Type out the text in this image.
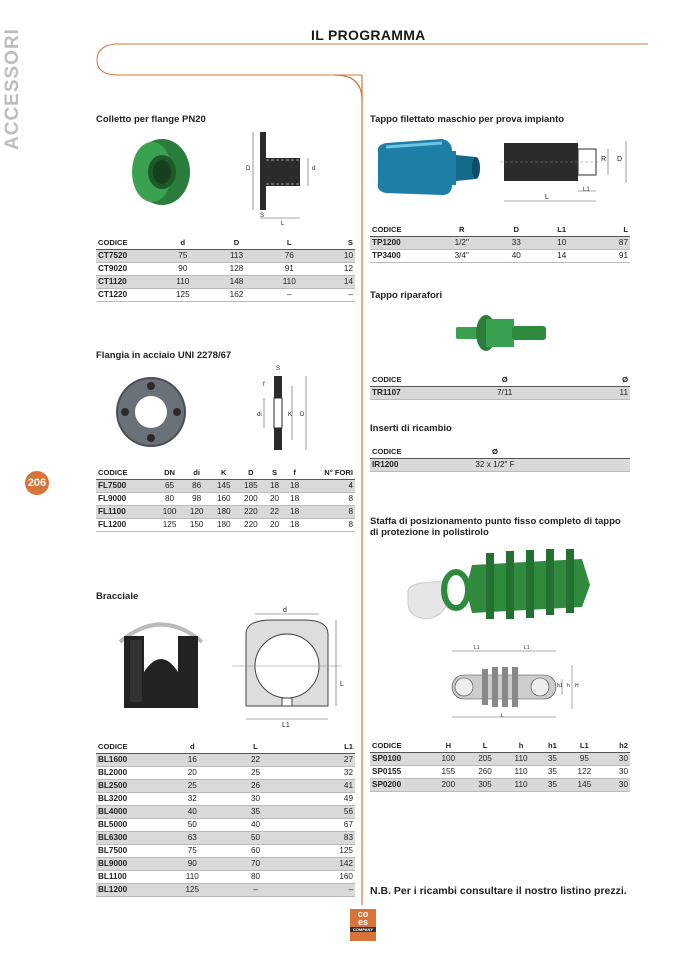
IL PROGRAMMA
ACCESSORI
206
Colletto per flange PN20
D	d
S
L
CODICE	d	D	L	S
CT7520	75	113	76	10
CT9020	90	128	91	12
CT1120	110	148	110	14
CT1220	125	162	–	–
Flangia in acciaio UNI 2278/67
S
f
di	K D
CODICE	DN	di	K	D	S	f	N° FORI
FL7500	65	86	145	185	18	18	4
FL9000	80	98	160	200	20	18	8
FL1100	100	120	180	220	22	18	8
FL1200	125	150	180	220	20	18	8
Bracciale
d
L
L1
CODICE	d	L	L1
BL1600	16	22	27
BL2000	20	25	32
BL2500	25	26	41
BL3200	32	30	49
BL4000	40	35	56
BL5000	50	40	67
BL6300	63	50	83
BL7500	75	60	125
BL9000	90	70	142
BL1100	110	80	160
BL1200	125	–	–
Tappo filettato maschio per prova impianto
R D
L1
L
CODICE	R	D	L1	L
TP1200	1/2"	33	10	87
TP3400	3/4"	40	14	91
Tappo riparafori
CODICE	Ø	Ø
TR1107	7/11	11
Inserti di ricambio
CODICE	Ø	
IR1200	32 x 1/2" F	
Staffa di posizionamento punto fisso completo di tappo di protezione in polistirolo
L1	L1
h1 h H
L
CODICE	H	L	h	h1	L1	h2
SP0100	100	205	110	35	95	30
SP0155	155	260	110	35	122	30
SP0200	200	305	110	35	145	30
N.B. Per i ricambi consultare il nostro listino prezzi.
coes
COMPANY
